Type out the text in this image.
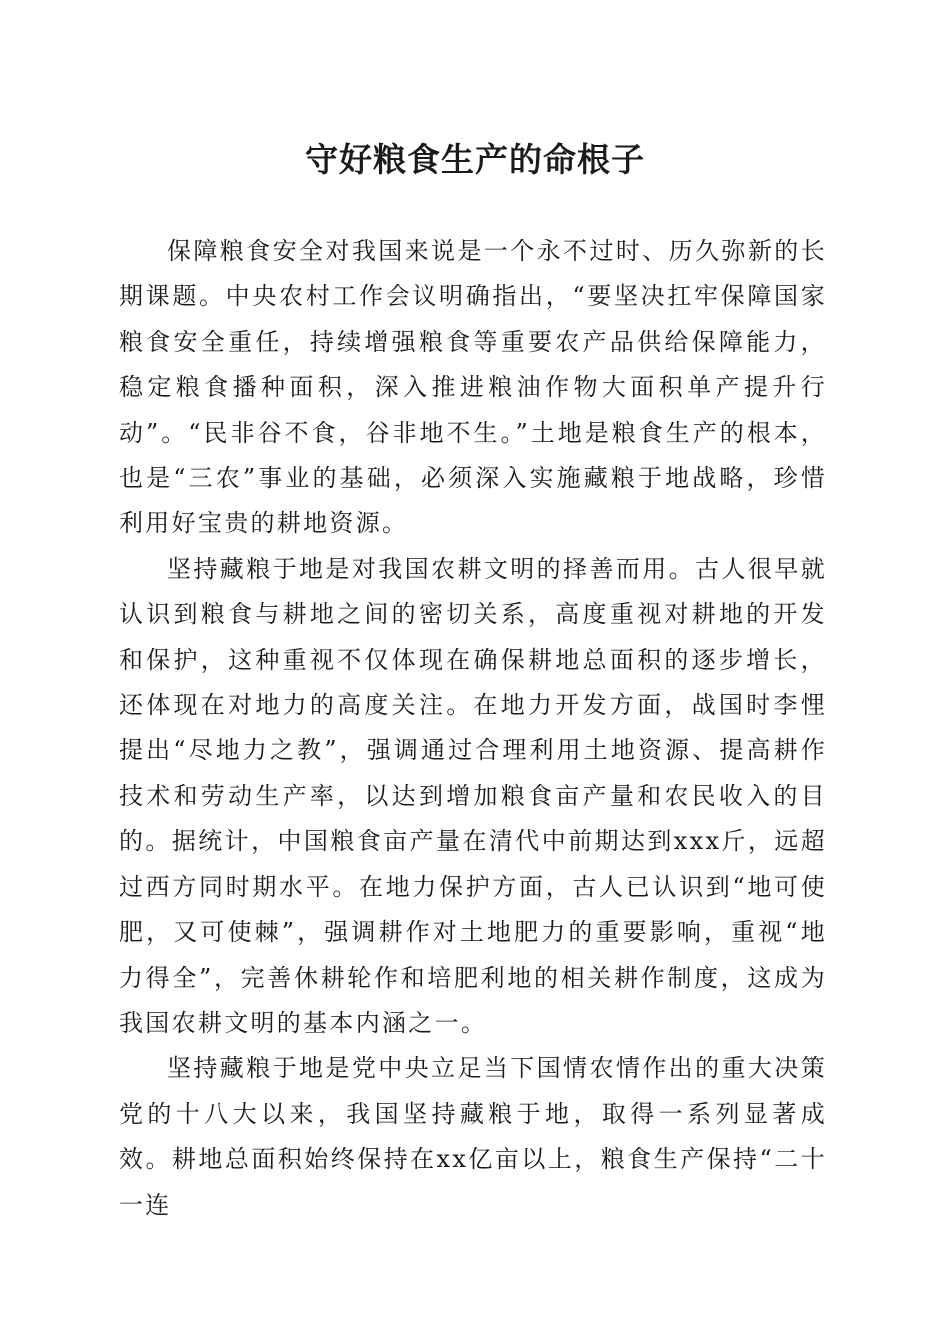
守好粮食生产的命根子

保障粮食安全对我国来说是一个永不过时、历久弥新的长期课题。中央农村工作会议明确指出，“要坚决扛牢保障国家粮食安全重任，持续增强粮食等重要农产品供给保障能力，稳定粮食播种面积，深入推进粮油作物大面积单产提升行动”。“民非谷不食，谷非地不生。”土地是粮食生产的根本，也是“三农”事业的基础，必须深入实施藏粮于地战略，珍惜利用好宝贵的耕地资源。

坚持藏粮于地是对我国农耕文明的择善而用。古人很早就认识到粮食与耕地之间的密切关系，高度重视对耕地的开发和保护，这种重视不仅体现在确保耕地总面积的逐步增长，还体现在对地力的高度关注。在地力开发方面，战国时李悝提出“尽地力之教”，强调通过合理利用土地资源、提高耕作技术和劳动生产率，以达到增加粮食亩产量和农民收入的目的。据统计，中国粮食亩产量在清代中前期达到xxx斤，远超过西方同时期水平。在地力保护方面，古人已认识到“地可使肥，又可使棘”，强调耕作对土地肥力的重要影响，重视“地力得全”，完善休耕轮作和培肥利地的相关耕作制度，这成为我国农耕文明的基本内涵之一。

坚持藏粮于地是党中央立足当下国情农情作出的重大决策党的十八大以来，我国坚持藏粮于地，取得一系列显著成效。耕地总面积始终保持在xx亿亩以上，粮食生产保持“二十一连
